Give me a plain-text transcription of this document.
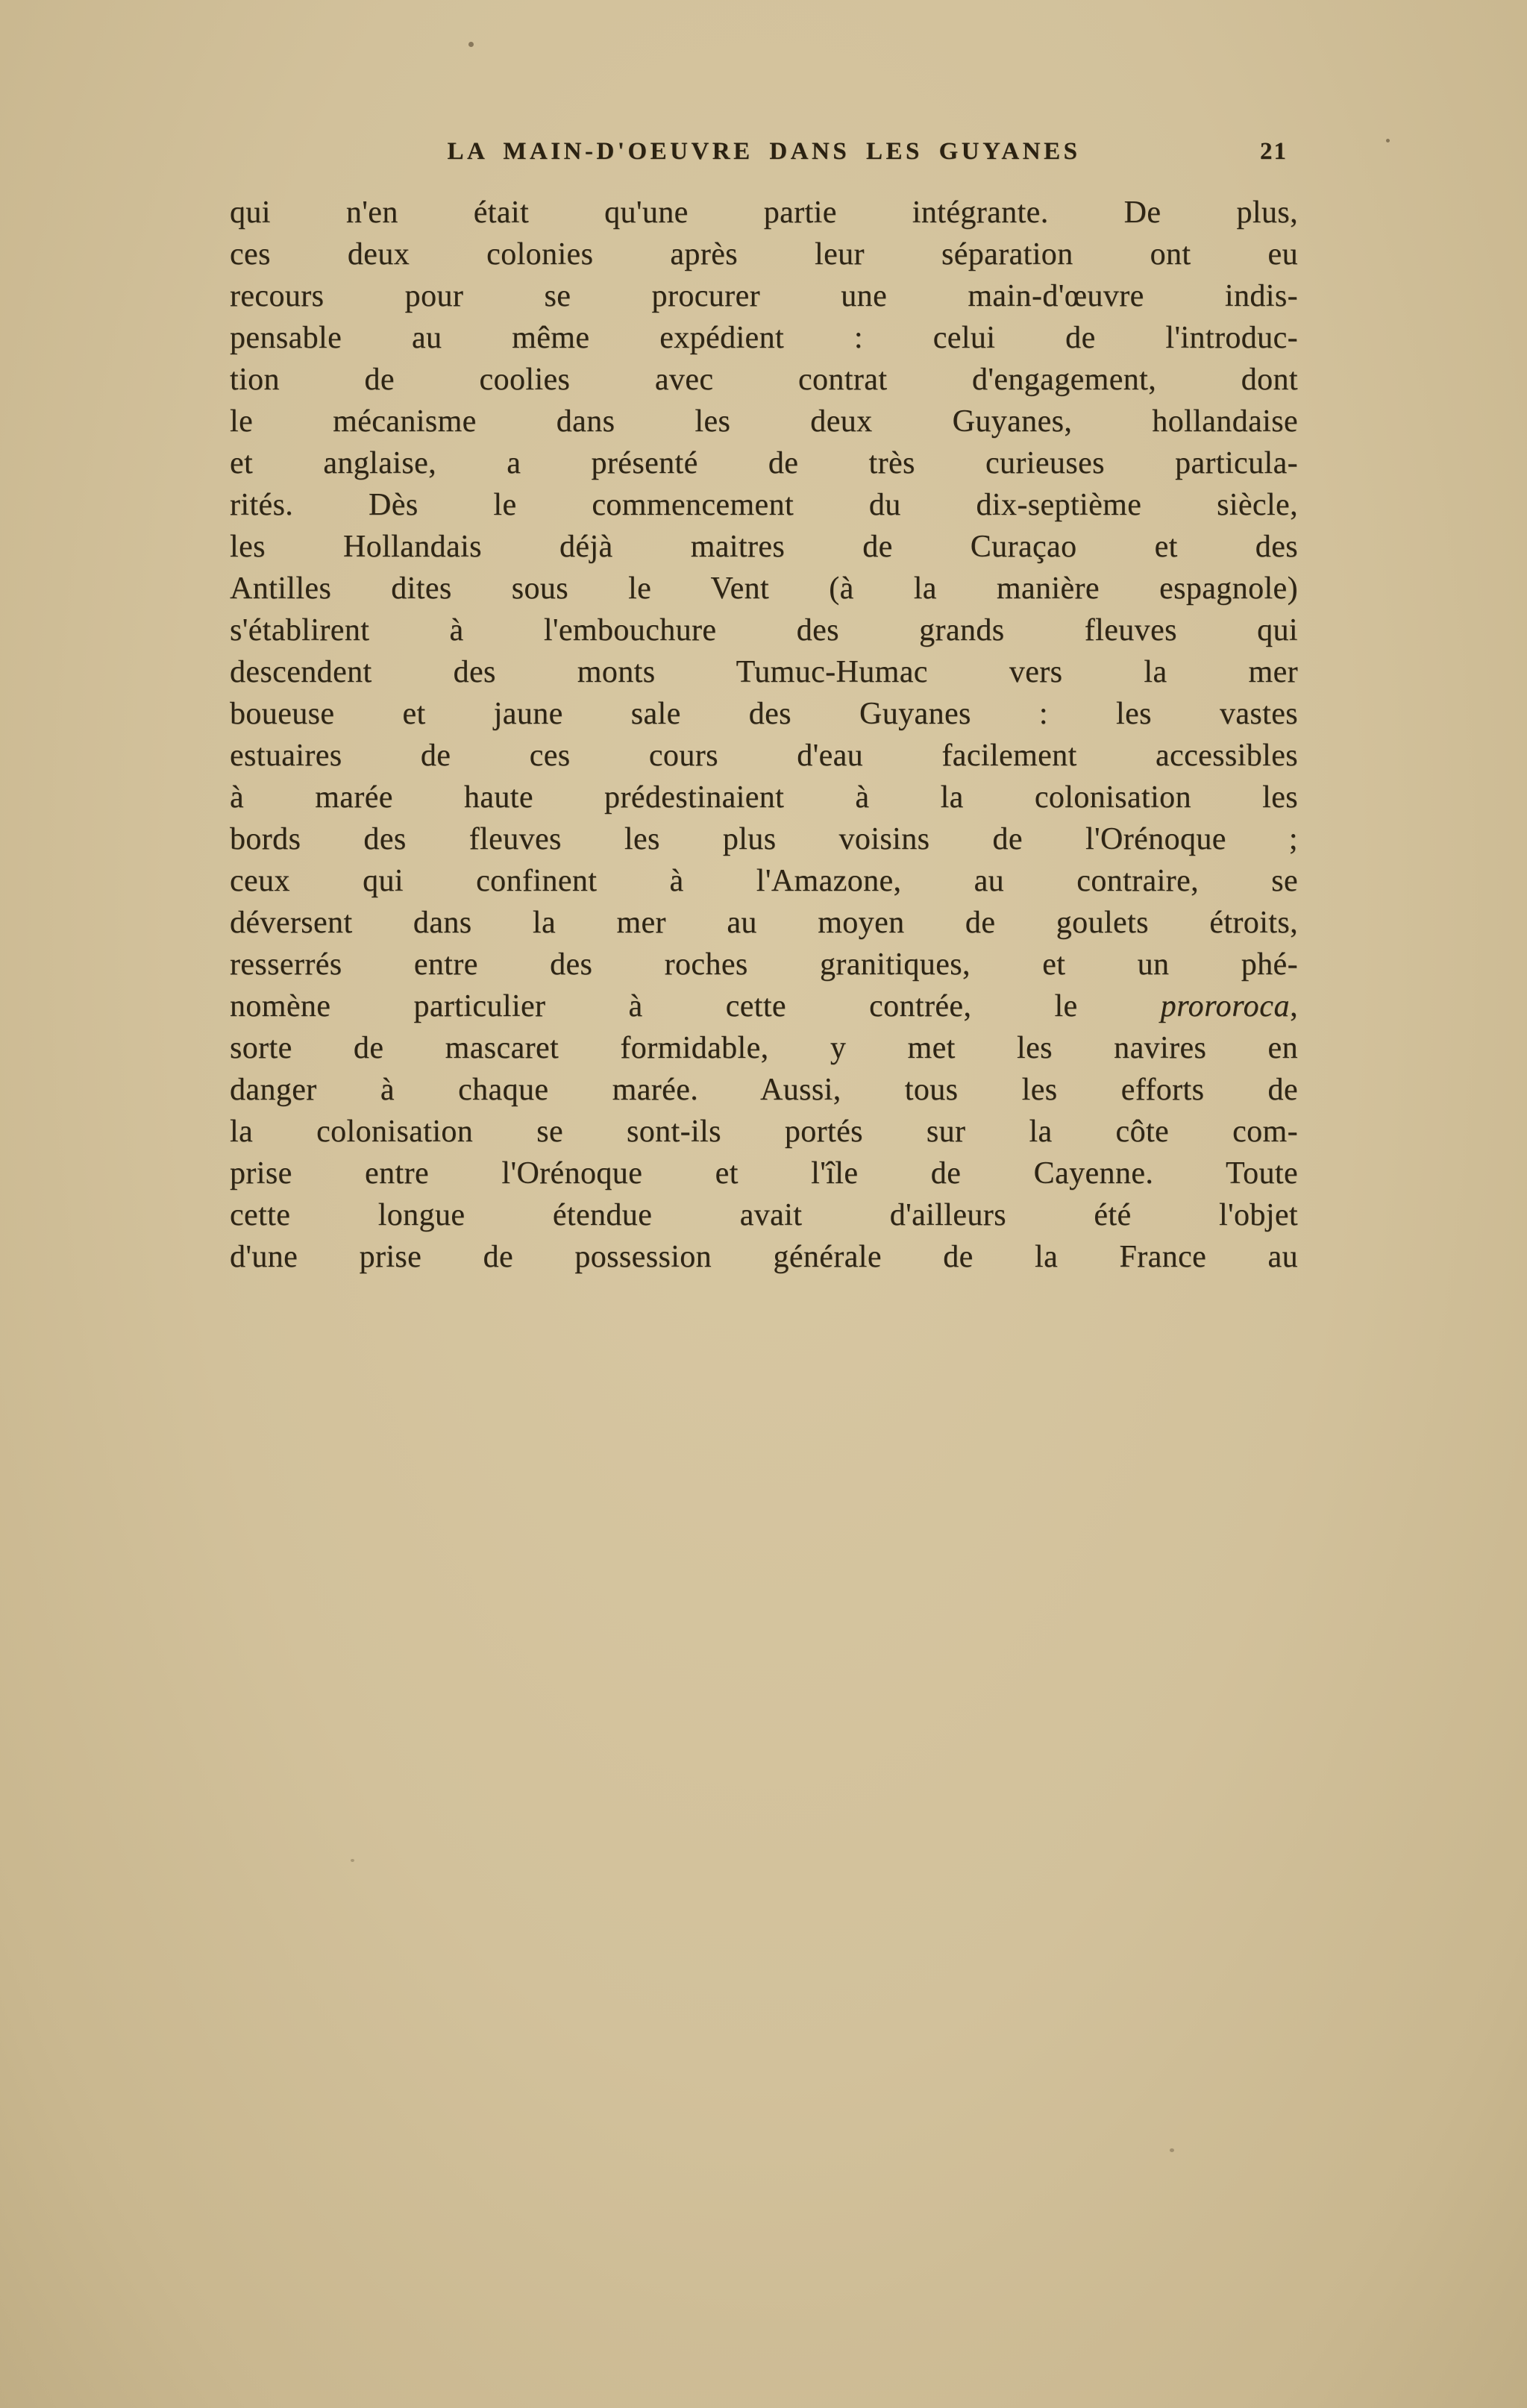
LA MAIN-D'OEUVRE DANS LES GUYANES	21
qui n'en était qu'une partie intégrante. De plus,
ces deux colonies après leur séparation ont eu
recours pour se procurer une main-d'œuvre indis-
pensable au même expédient : celui de l'introduc-
tion de coolies avec contrat d'engagement, dont
le mécanisme dans les deux Guyanes, hollandaise
et anglaise, a présenté de très curieuses particula-
rités. Dès le commencement du dix-septième siècle,
les Hollandais déjà maitres de Curaçao et des
Antilles dites sous le Vent (à la manière espagnole)
s'établirent à l'embouchure des grands fleuves qui
descendent des monts Tumuc-Humac vers la mer
boueuse et jaune sale des Guyanes : les vastes
estuaires de ces cours d'eau facilement accessibles
à marée haute prédestinaient à la colonisation les
bords des fleuves les plus voisins de l'Orénoque ;
ceux qui confinent à l'Amazone, au contraire, se
déversent dans la mer au moyen de goulets étroits,
resserrés entre des roches granitiques, et un phé-
nomène particulier à cette contrée, le prororoca,
sorte de mascaret formidable, y met les navires en
danger à chaque marée. Aussi, tous les efforts de
la colonisation se sont-ils portés sur la côte com-
prise entre l'Orénoque et l'île de Cayenne. Toute
cette longue étendue avait d'ailleurs été l'objet
d'une prise de possession générale de la France au
